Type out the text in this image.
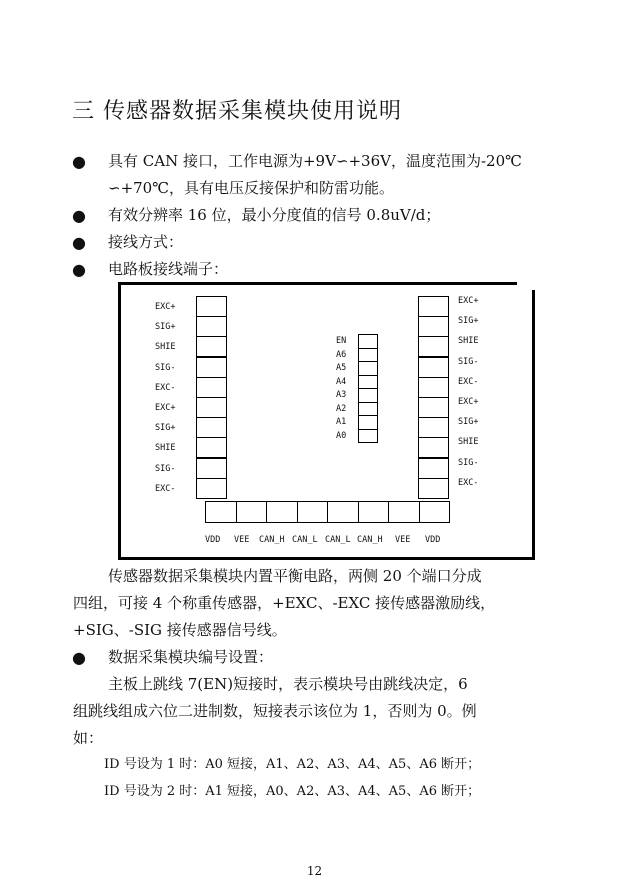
三 传感器数据采集模块使用说明
● 具有 CAN 接口，工作电源为+9V∽+36V，温度范围为-20℃
∽+70℃，具有电压反接保护和防雷功能。
● 有效分辨率 16 位，最小分度值的信号 0.8uV/d；
● 接线方式：
● 电路板接线端子：
EXC+
SIG+
SHIE
SIG-
EXC-
EXC+
SIG+
SHIE
SIG-
EXC-
EXC+
SIG+
SHIE
SIG-
EXC-
EXC+
SIG+
SHIE
SIG-
EXC-
EN
A6
A5
A4
A3
A2
A1
A0
VDD VEE CAN_H CAN_L CAN_L CAN_H VEE VDD
传感器数据采集模块内置平衡电路，两侧 20 个端口分成
四组，可接 4 个称重传感器，+EXC、-EXC 接传感器激励线，
+SIG、-SIG 接传感器信号线。
● 数据采集模块编号设置：
主板上跳线 7(EN)短接时，表示模块号由跳线决定，6
组跳线组成六位二进制数，短接表示该位为 1，否则为 0。例
如：
ID 号设为 1 时：A0 短接，A1、A2、A3、A4、A5、A6 断开；
ID 号设为 2 时：A1 短接，A0、A2、A3、A4、A5、A6 断开；
12
